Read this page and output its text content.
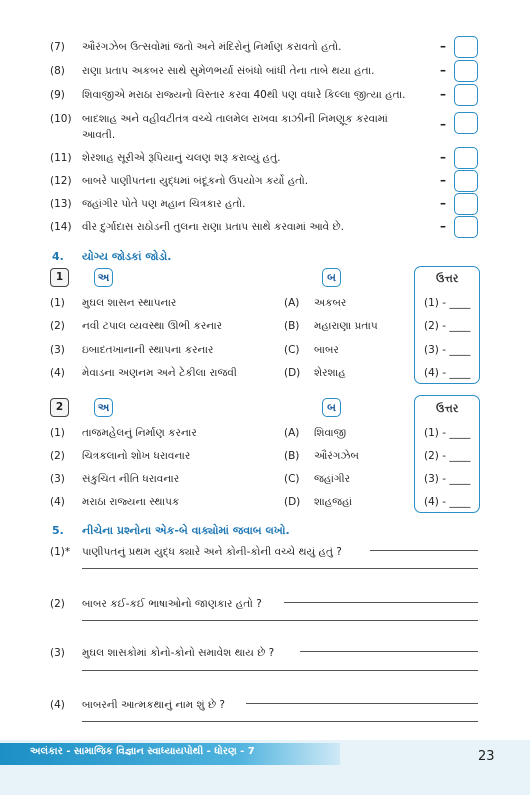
(7) ઔરંગઝેબ ઉત્સવોમાં જતો અને મંદિરોનું નિર્માણ કરાવતો હતો.	–
(8) રાણા પ્રતાપ અકબર સાથે સુમેળભર્યા સંબંધો બાંધી તેના તાબે થયા હતા.	–
(9) શિવાજીએ મરાઠા રાજ્યનો વિસ્તાર કરવા 40થી પણ વધારે કિલ્લા જીત્યા હતા.	–
(10) બાદશાહ અને વહીવટીતંત્ર વચ્ચે તાલમેલ રાખવા કાઝીની નિમણૂક કરવામાં
આવતી.
–
(11) શેરશાહ સૂરીએ રૂપિયાનું ચલણ શરૂ કરાવ્યું હતું.	–
(12) બાબરે પાણીપતના યુદ્ધમાં બંદૂકનો ઉપયોગ કર્યો હતો.	–
(13) જહાંગીર પોતે પણ મહાન ચિત્રકાર હતો.	–
(14) વીર દુર્ગાદાસ રાઠોડની તુલના રાણા પ્રતાપ સાથે કરવામાં આવે છે.	–
4. યોગ્ય જોડકાં જોડો.
1	અ	બ	ઉત્તર
(1) મુઘલ શાસન સ્થાપનાર	(A) અકબર	(1) - ____
(2) નવી ટપાલ વ્યવસ્થા ઊભી કરનાર	(B) મહારાણા પ્રતાપ	(2) - ____
(3) ઇબાદતખાનાની સ્થાપના કરનાર	(C) બાબર	(3) - ____
(4) મેવાડના અણનમ અને ટેકીલા રાજવી	(D) શેરશાહ	(4) - ____
2	અ	બ	ઉત્તર
(1) તાજમહેલનું નિર્માણ કરનાર	(A) શિવાજી	(1) - ____
(2) ચિત્રકલાનો શોખ ધરાવનાર	(B) ઔરંગઝેબ	(2) - ____
(3) સંકુચિત નીતિ ધરાવનાર	(C) જહાંગીર	(3) - ____
(4) મરાઠા રાજ્યના સ્થાપક	(D) શાહજહાં	(4) - ____
5. નીચેના પ્રશ્નોના એક-બે વાક્યોમાં જવાબ લખો.
(1)* પાણીપતનું પ્રથમ યુદ્ધ ક્યારે અને કોની-કોની વચ્ચે થયું હતું ?
(2) બાબર કઈ-કઈ ભાષાઓનો જાણકાર હતો ?
(3) મુઘલ શાસકોમાં કોનો-કોનો સમાવેશ થાય છે ?
(4) બાબરની આત્મકથાનું નામ શું છે ?
અલંકાર - સામાજિક વિજ્ઞાન સ્વાધ્યાયપોથી - ધોરણ - 7	23
